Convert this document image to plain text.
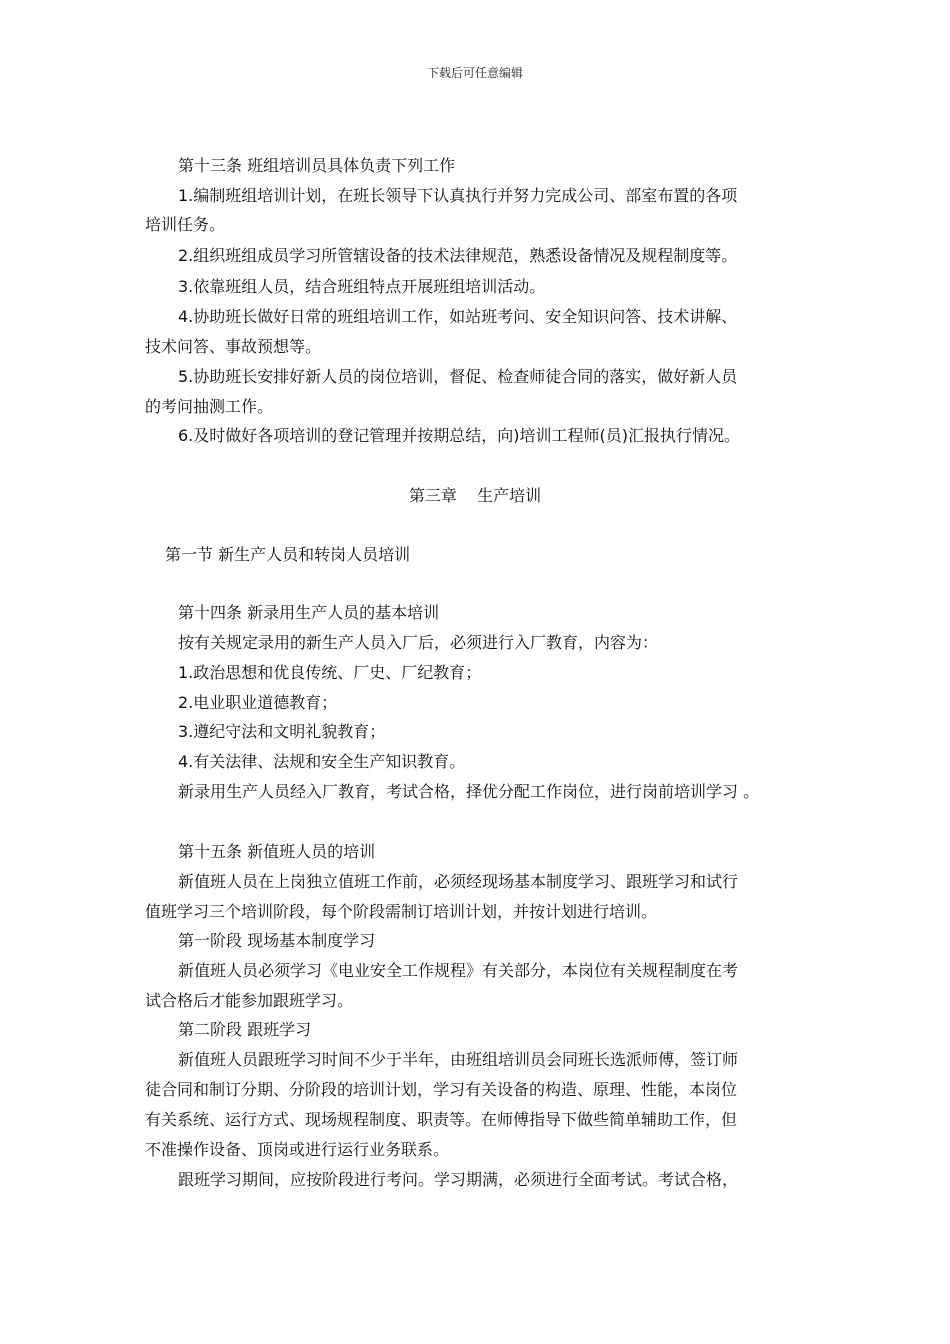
下载后可任意编辑
第十三条 班组培训员具体负责下列工作
1.编制班组培训计划，在班长领导下认真执行并努力完成公司、部室布置的各项
培训任务。
2.组织班组成员学习所管辖设备的技术法律规范，熟悉设备情况及规程制度等。
3.依靠班组人员，结合班组特点开展班组培训活动。
4.协助班长做好日常的班组培训工作，如站班考问、安全知识问答、技术讲解、
技术问答、事故预想等。
5.协助班长安排好新人员的岗位培训，督促、检查师徒合同的落实，做好新人员
的考问抽测工作。
6.及时做好各项培训的登记管理并按期总结，向)培训工程师(员)汇报执行情况。
第三章    生产培训
第一节 新生产人员和转岗人员培训
第十四条 新录用生产人员的基本培训
按有关规定录用的新生产人员入厂后，必须进行入厂教育，内容为：
1.政治思想和优良传统、厂史、厂纪教育；
2.电业职业道德教育；
3.遵纪守法和文明礼貌教育；
4.有关法律、法规和安全生产知识教育。
新录用生产人员经入厂教育，考试合格，择优分配工作岗位，进行岗前培训学习 。
第十五条 新值班人员的培训
新值班人员在上岗独立值班工作前，必须经现场基本制度学习、跟班学习和试行
值班学习三个培训阶段，每个阶段需制订培训计划，并按计划进行培训。
第一阶段 现场基本制度学习
新值班人员必须学习《电业安全工作规程》有关部分，本岗位有关规程制度在考
试合格后才能参加跟班学习。
第二阶段 跟班学习
新值班人员跟班学习时间不少于半年，由班组培训员会同班长选派师傅，签订师
徒合同和制订分期、分阶段的培训计划，学习有关设备的构造、原理、性能，本岗位
有关系统、运行方式、现场规程制度、职责等。在师傅指导下做些简单辅助工作，但
不准操作设备、顶岗或进行运行业务联系。
跟班学习期间，应按阶段进行考问。学习期满，必须进行全面考试。考试合格，
